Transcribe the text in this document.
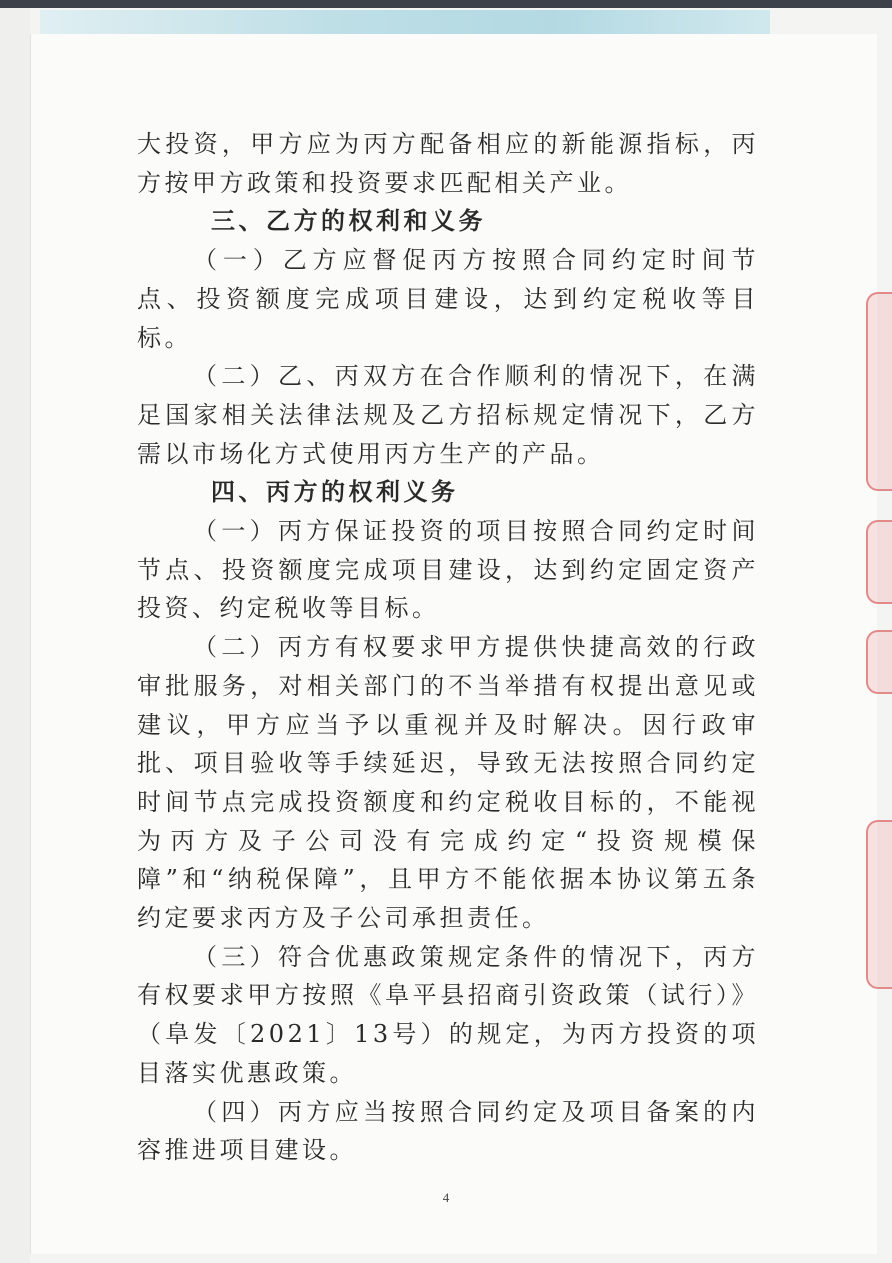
大投资，甲方应为丙方配备相应的新能源指标，丙方按甲方政策和投资要求匹配相关产业。

三、乙方的权利和义务

（一）乙方应督促丙方按照合同约定时间节点、投资额度完成项目建设，达到约定税收等目标。

（二）乙、丙双方在合作顺利的情况下，在满足国家相关法律法规及乙方招标规定情况下，乙方需以市场化方式使用丙方生产的产品。

四、丙方的权利义务

（一）丙方保证投资的项目按照合同约定时间节点、投资额度完成项目建设，达到约定固定资产投资、约定税收等目标。

（二）丙方有权要求甲方提供快捷高效的行政审批服务，对相关部门的不当举措有权提出意见或建议，甲方应当予以重视并及时解决。因行政审批、项目验收等手续延迟，导致无法按照合同约定时间节点完成投资额度和约定税收目标的，不能视为丙方及子公司没有完成约定“投资规模保障”和“纳税保障”，且甲方不能依据本协议第五条约定要求丙方及子公司承担责任。

（三）符合优惠政策规定条件的情况下，丙方有权要求甲方按照《阜平县招商引资政策（试行）》（阜发〔2021〕13号）的规定，为丙方投资的项目落实优惠政策。

（四）丙方应当按照合同约定及项目备案的内容推进项目建设。

4
